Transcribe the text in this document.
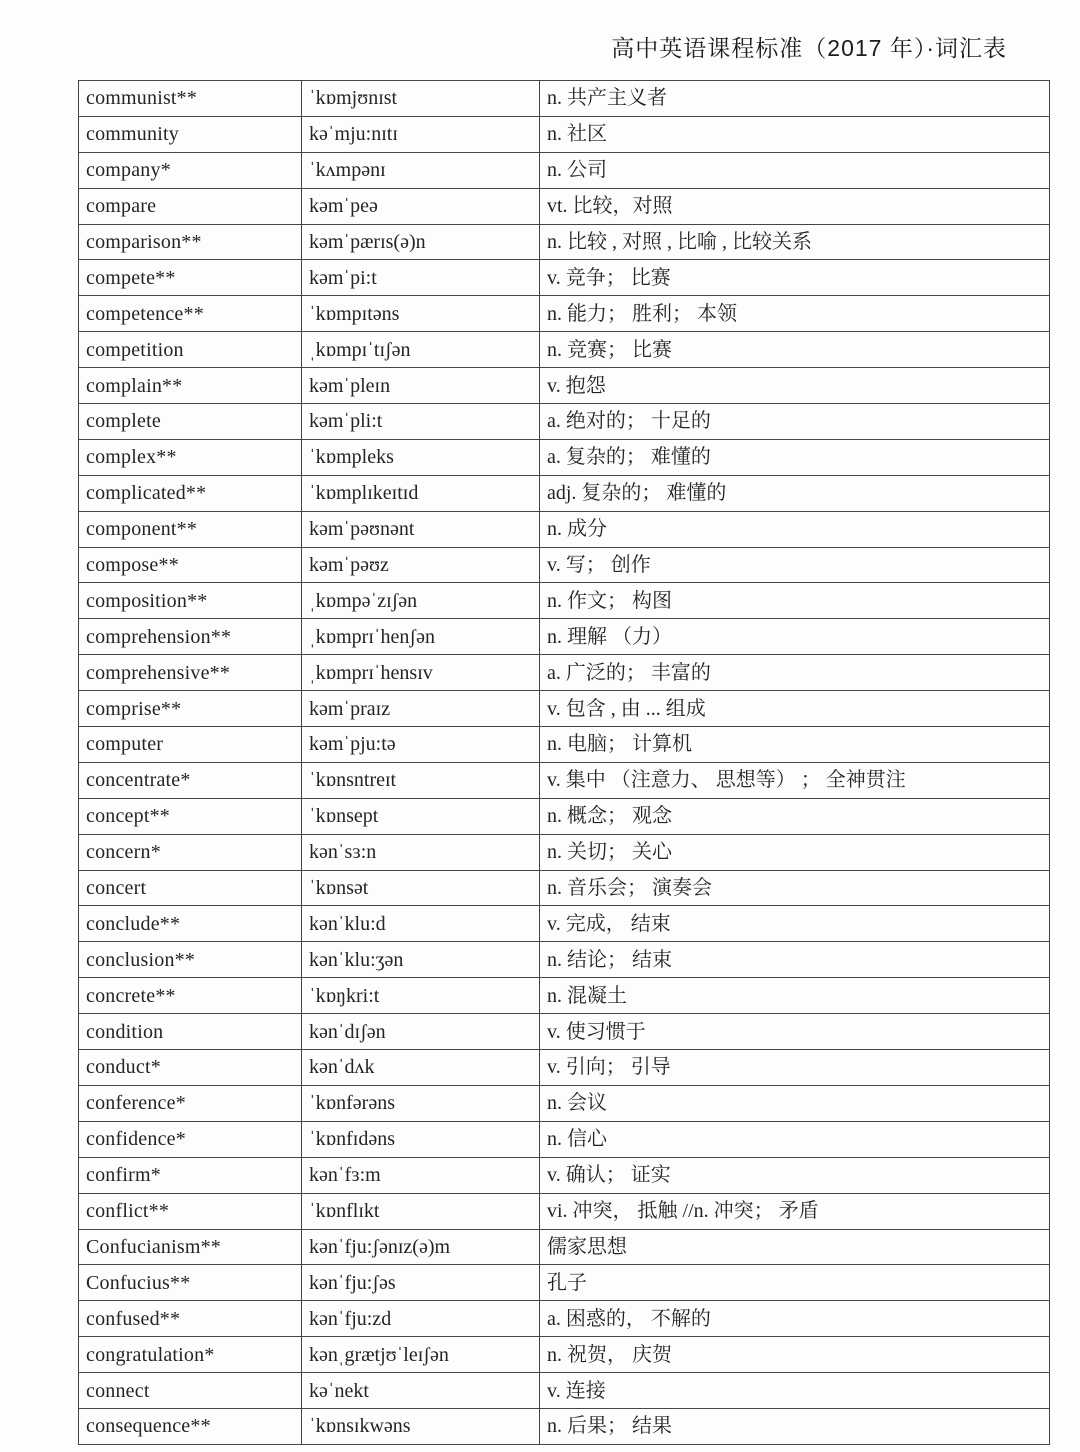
高中英语课程标准（2017 年）·词汇表
communist**	ˈkɒmjʊnɪst	n. 共产主义者
community	kəˈmju:nɪtɪ	n. 社区
company*	ˈkʌmpənɪ	n. 公司
compare	kəmˈpeə	vt. 比较，对照
comparison**	kəmˈpærɪs(ə)n	n. 比较 , 对照 , 比喻 , 比较关系
compete**	kəmˈpi:t	v. 竞争； 比赛
competence**	ˈkɒmpɪtəns	n. 能力； 胜利； 本领
competition	ˌkɒmpɪˈtɪʃən	n. 竞赛； 比赛
complain**	kəmˈpleɪn	v. 抱怨
complete	kəmˈpli:t	a. 绝对的； 十足的
complex**	ˈkɒmpleks	a. 复杂的； 难懂的
complicated**	ˈkɒmplɪkeɪtɪd	adj. 复杂的； 难懂的
component**	kəmˈpəʊnənt	n. 成分
compose**	kəmˈpəʊz	v. 写； 创作
composition**	ˌkɒmpəˈzɪʃən	n. 作文； 构图
comprehension**	ˌkɒmprɪˈhenʃən	n. 理解 （力）
comprehensive**	ˌkɒmprɪˈhensɪv	a. 广泛的； 丰富的
comprise**	kəmˈpraɪz	v. 包含 , 由 ... 组成
computer	kəmˈpju:tə	n. 电脑； 计算机
concentrate*	ˈkɒnsntreɪt	v. 集中 （注意力、 思想等） ； 全神贯注
concept**	ˈkɒnsept	n. 概念； 观念
concern*	kənˈsɜ:n	n. 关切； 关心
concert	ˈkɒnsət	n. 音乐会； 演奏会
conclude**	kənˈklu:d	v. 完成， 结束
conclusion**	kənˈklu:ʒən	n. 结论； 结束
concrete**	ˈkɒŋkri:t	n. 混凝土
condition	kənˈdɪʃən	v. 使习惯于
conduct*	kənˈdʌk	v. 引向； 引导
conference*	ˈkɒnfərəns	n. 会议
confidence*	ˈkɒnfɪdəns	n. 信心
confirm*	kənˈfɜ:m	v. 确认； 证实
conflict**	ˈkɒnflɪkt	vi. 冲突， 抵触 //n. 冲突； 矛盾
Confucianism**	kənˈfju:ʃənɪz(ə)m	儒家思想
Confucius**	kənˈfju:ʃəs	孔子
confused**	kənˈfju:zd	a. 困惑的， 不解的
congratulation*	kənˌgrætjʊˈleɪʃən	n. 祝贺， 庆贺
connect	kəˈnekt	v. 连接
consequence**	ˈkɒnsɪkwəns	n. 后果； 结果
